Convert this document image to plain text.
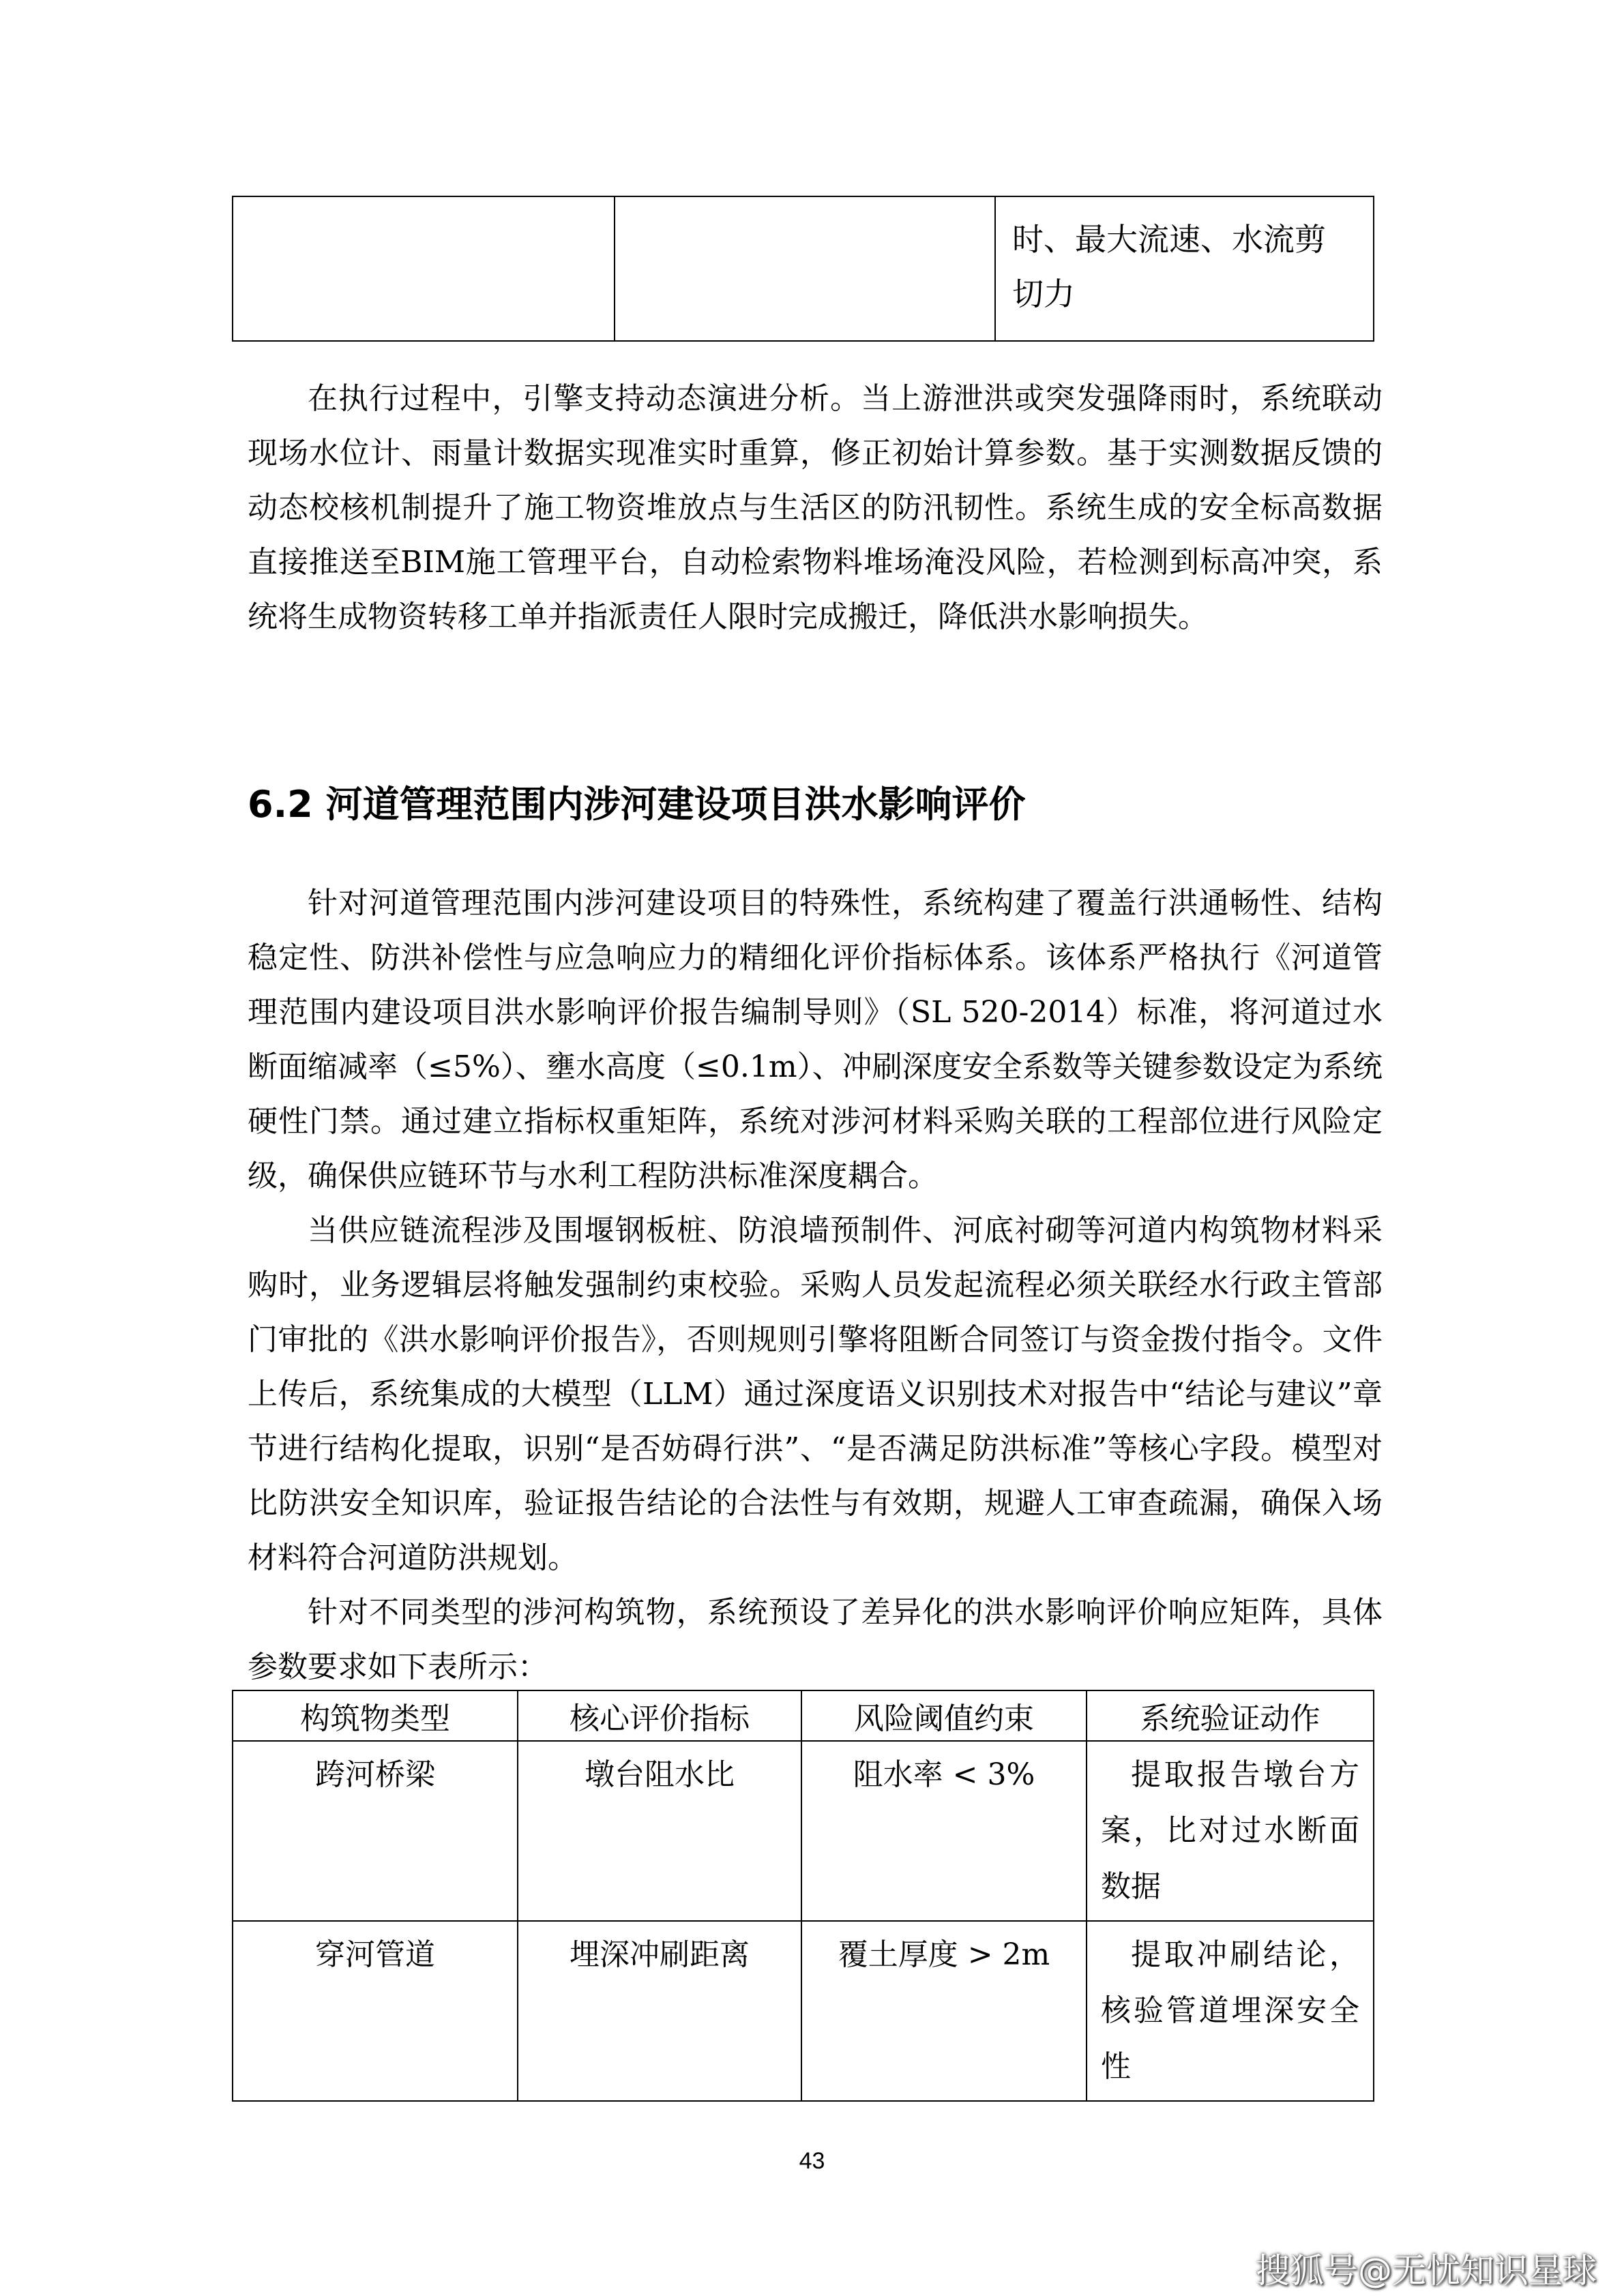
		时、最大流速、水流剪切力

在执行过程中，引擎支持动态演进分析。当上游泄洪或突发强降雨时，系统联动现场水位计、雨量计数据实现准实时重算，修正初始计算参数。基于实测数据反馈的动态校核机制提升了施工物资堆放点与生活区的防汛韧性。系统生成的安全标高数据直接推送至BIM施工管理平台，自动检索物料堆场淹没风险，若检测到标高冲突，系统将生成物资转移工单并指派责任人限时完成搬迁，降低洪水影响损失。

6.2 河道管理范围内涉河建设项目洪水影响评价

针对河道管理范围内涉河建设项目的特殊性，系统构建了覆盖行洪通畅性、结构稳定性、防洪补偿性与应急响应力的精细化评价指标体系。该体系严格执行《河道管理范围内建设项目洪水影响评价报告编制导则》（SL 520-2014）标准，将河道过水断面缩减率（≤5%）、壅水高度（≤0.1m）、冲刷深度安全系数等关键参数设定为系统硬性门禁。通过建立指标权重矩阵，系统对涉河材料采购关联的工程部位进行风险定级，确保供应链环节与水利工程防洪标准深度耦合。

当供应链流程涉及围堰钢板桩、防浪墙预制件、河底衬砌等河道内构筑物材料采购时，业务逻辑层将触发强制约束校验。采购人员发起流程必须关联经水行政主管部门审批的《洪水影响评价报告》，否则规则引擎将阻断合同签订与资金拨付指令。文件上传后，系统集成的大模型（LLM）通过深度语义识别技术对报告中“结论与建议”章节进行结构化提取，识别“是否妨碍行洪”、“是否满足防洪标准”等核心字段。模型对比防洪安全知识库，验证报告结论的合法性与有效期，规避人工审查疏漏，确保入场材料符合河道防洪规划。

针对不同类型的涉河构筑物，系统预设了差异化的洪水影响评价响应矩阵，具体参数要求如下表所示：

构筑物类型	核心评价指标	风险阈值约束	系统验证动作
跨河桥梁	墩台阻水比	阻水率 < 3%	提取报告墩台方案，比对过水断面数据
穿河管道	埋深冲刷距离	覆土厚度 > 2m	提取冲刷结论，核验管道埋深安全性
43
搜狐号@无忧知识星球
